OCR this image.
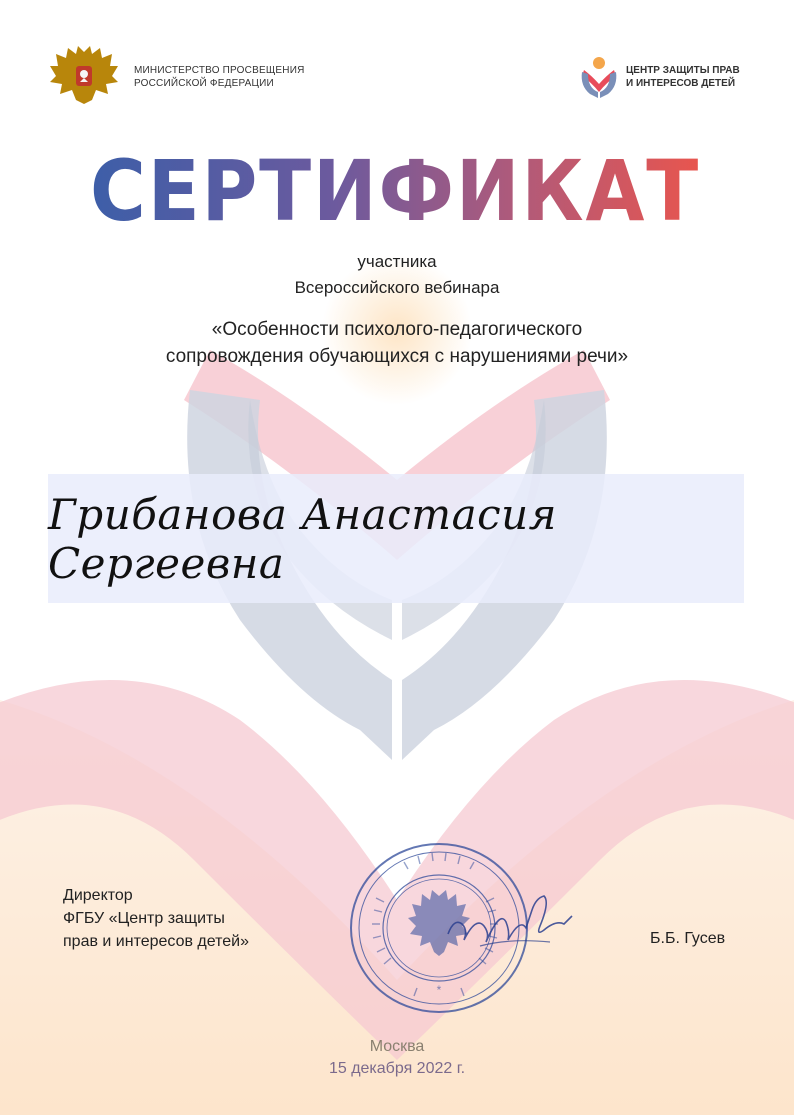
МИНИСТЕРСТВО ПРОСВЕЩЕНИЯ
РОССИЙСКОЙ ФЕДЕРАЦИИ
ЦЕНТР ЗАЩИТЫ ПРАВ
И ИНТЕРЕСОВ ДЕТЕЙ
СЕРТИФИКАТ
участника
Всероссийского вебинара
«Особенности психолого-педагогического
сопровождения обучающихся с нарушениями речи»
Грибанова Анастасия Сергеевна
*
Директор
ФГБУ «Центр защиты
прав и интересов детей»	Б.Б. Гусев
Москва
15 декабря 2022 г.
